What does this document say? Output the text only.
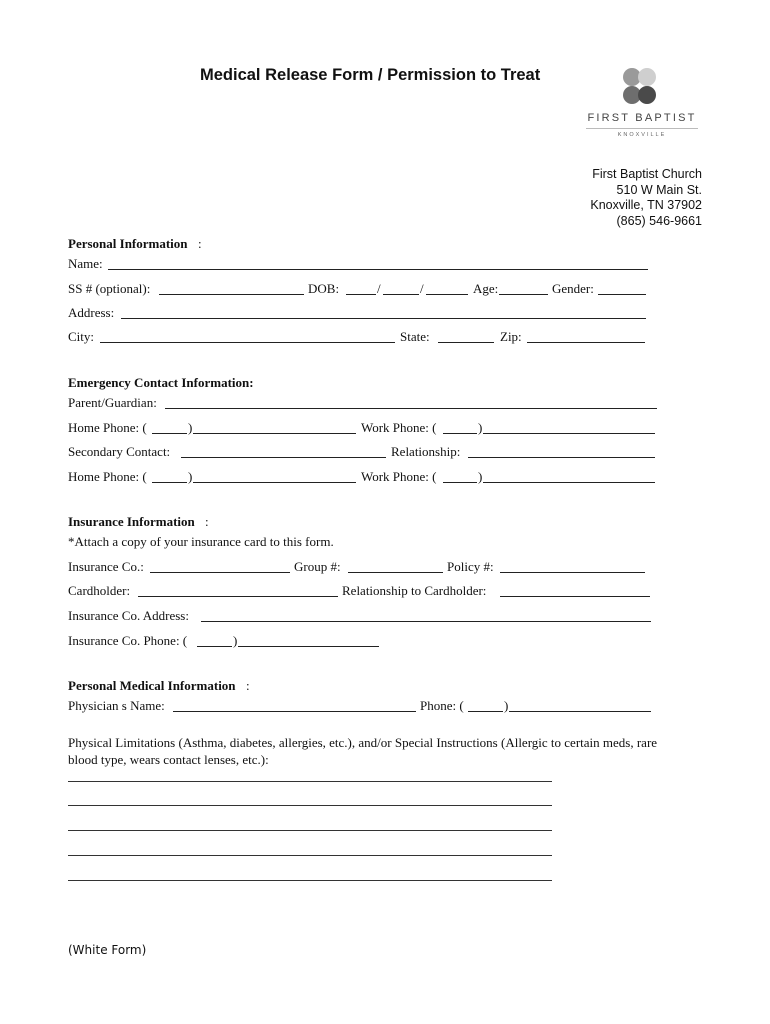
Medical Release Form / Permission to Treat
FIRST BAPTIST
KNOXVILLE
First Baptist Church
510 W Main St.
Knoxville, TN 37902
(865) 546-9661
Personal Information :
Name:
SS # (optional):	DOB:	/	/	Age:	Gender:
Address:
City:	State:	Zip:
Emergency Contact Information:
Parent/Guardian:
Home Phone: (	)	Work Phone: (	)
Secondary Contact:	Relationship:
Home Phone: (	)	Work Phone: (	)
Insurance Information :
*Attach a copy of your insurance card to this form.
Insurance Co.:	Group #:	Policy #:
Cardholder:	Relationship to Cardholder:
Insurance Co. Address:
Insurance Co. Phone: (	)
Personal Medical Information :
Physician s Name:	Phone: (	)
Physical Limitations (Asthma, diabetes, allergies, etc.), and/or Special Instructions (Allergic to certain meds, rare blood type, wears contact lenses, etc.):
(White Form)
